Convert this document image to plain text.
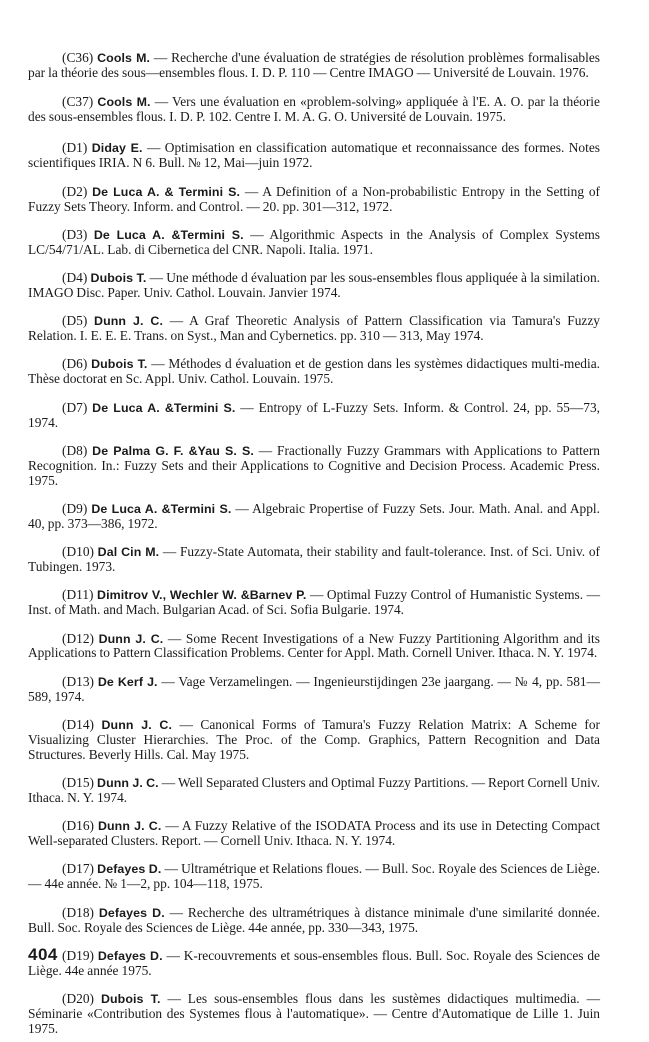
(C36) Cools M. — Recherche d'une évaluation de stratégies de résolution problèmes formalisables par la théorie des sous—ensembles flous. I. D. P. 110 — Centre IMAGO — Université de Louvain. 1976.

(C37) Cools M. — Vers une évaluation en «problem-solving» appliquée à l'E. A. O. par la théorie des sous-ensembles flous. I. D. P. 102. Centre I. M. A. G. O. Université de Louvain. 1975.

(D1) Diday E. — Optimisation en classification automatique et reconnaissance des formes. Notes scientifiques IRIA. N 6. Bull. № 12, Mai—juin 1972.

(D2) De Luca A. & Termini S. — A Definition of a Non-probabilistic Entropy in the Setting of Fuzzy Sets Theory. Inform. and Control. — 20. pp. 301—312, 1972.

(D3) De Luca A. &Termini S. — Algorithmic Aspects in the Analysis of Complex Systems LC/54/71/AL. Lab. di Cibernetica del CNR. Napoli. Italia. 1971.

(D4) Dubois T. — Une méthode d évaluation par les sous-ensembles flous appliquée à la similation. IMAGO Disc. Paper. Univ. Cathol. Louvain. Janvier 1974.

(D5) Dunn J. C. — A Graf Theoretic Analysis of Pattern Classification via Tamura's Fuzzy Relation. I. E. E. E. Trans. on Syst., Man and Cybernetics. pp. 310 — 313, May 1974.

(D6) Dubois T. — Méthodes d évaluation et de gestion dans les systèmes didactiques multi-media. Thèse doctorat en Sc. Appl. Univ. Cathol. Louvain. 1975.

(D7) De Luca A. &Termini S. — Entropy of L-Fuzzy Sets. Inform. & Control. 24, pp. 55—73, 1974.

(D8) De Palma G. F. &Yau S. S. — Fractionally Fuzzy Grammars with Applications to Pattern Recognition. In.: Fuzzy Sets and their Applications to Cognitive and Decision Process. Academic Press. 1975.

(D9) De Luca A. &Termini S. — Algebraic Propertise of Fuzzy Sets. Jour. Math. Anal. and Appl. 40, pp. 373—386, 1972.

(D10) Dal Cin M. — Fuzzy-State Automata, their stability and fault-tolerance. Inst. of Sci. Univ. of Tubingen. 1973.

(D11) Dimitrov V., Wechler W. &Barnev P. — Optimal Fuzzy Control of Humanistic Systems. — Inst. of Math. and Mach. Bulgarian Acad. of Sci. Sofia Bulgarie. 1974.

(D12) Dunn J. C. — Some Recent Investigations of a New Fuzzy Partitioning Algorithm and its Applications to Pattern Classification Problems. Center for Appl. Math. Cornell Univer. Ithaca. N. Y. 1974.

(D13) De Kerf J. — Vage Verzamelingen. — Ingenieurstijdingen 23e jaargang. — № 4, pp. 581—589, 1974.

(D14) Dunn J. C. — Canonical Forms of Tamura's Fuzzy Relation Matrix: A Scheme for Visualizing Cluster Hierarchies. The Proc. of the Comp. Graphics, Pattern Recognition and Data Structures. Beverly Hills. Cal. May 1975.

(D15) Dunn J. C. — Well Separated Clusters and Optimal Fuzzy Partitions. — Report Cornell Univ. Ithaca. N. Y. 1974.

(D16) Dunn J. C. — A Fuzzy Relative of the ISODATA Process and its use in Detecting Compact Well-separated Clusters. Report. — Cornell Univ. Ithaca. N. Y. 1974.

(D17) Defayes D. — Ultramétrique et Relations floues. — Bull. Soc. Royale des Sciences de Liège. — 44e année. № 1—2, pp. 104—118, 1975.

(D18) Defayes D. — Recherche des ultramétriques à distance minimale d'une similarité donnée. Bull. Soc. Royale des Sciences de Liège. 44e année, pp. 330—343, 1975.

(D19) Defayes D. — K-recouvrements et sous-ensembles flous. Bull. Soc. Royale des Sciences de Liège. 44e année 1975.

(D20) Dubois T. — Les sous-ensembles flous dans les sustèmes didactiques multimedia. — Séminarie «Contribution des Systemes flous à l'automatique». — Centre d'Automatique de Lille 1. Juin 1975.

404
